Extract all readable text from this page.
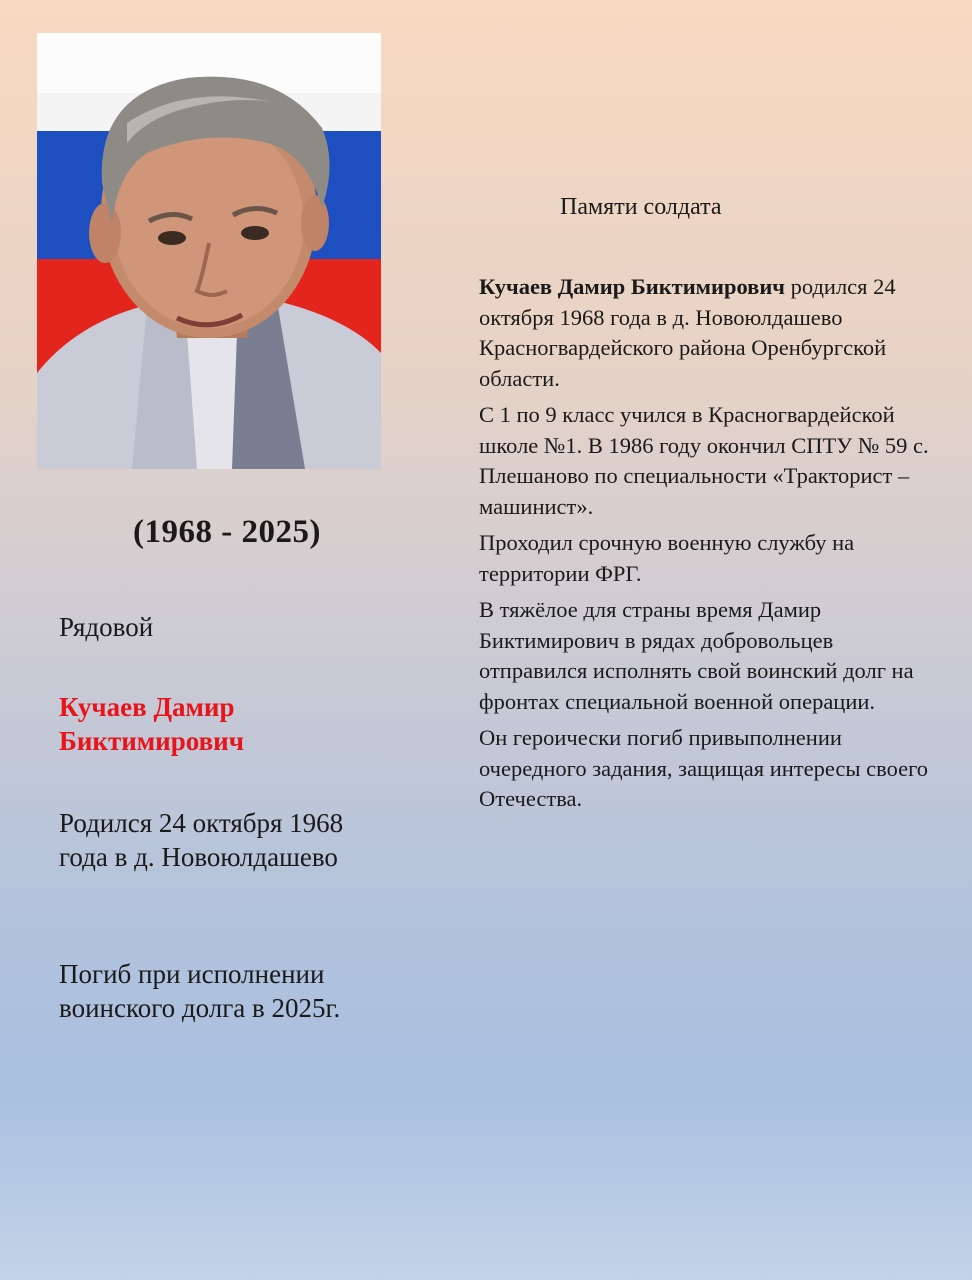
(1968 - 2025)
Рядовой
Кучаев Дамир Биктимирович
Родился 24 октября 1968 года в д. Новоюлдашево
Погиб при исполнении воинского долга в 2025г.
Памяти солдата

Кучаев Дамир Биктимирович родился 24 октября 1968 года в д. Новоюлдашево Красногвардейского района Оренбургской области.

С 1 по 9 класс учился в Красногвардейской школе №1. В 1986 году окончил СПТУ № 59 с. Плешаново по специальности «Тракторист – машинист».

Проходил срочную военную службу на территории ФРГ.

В тяжёлое для страны время Дамир Биктимирович в рядах добровольцев отправился исполнять свой воинский долг на фронтах специальной военной операции.

Он героически погиб привыполнении очередного задания, защищая интересы своего Отечества.
